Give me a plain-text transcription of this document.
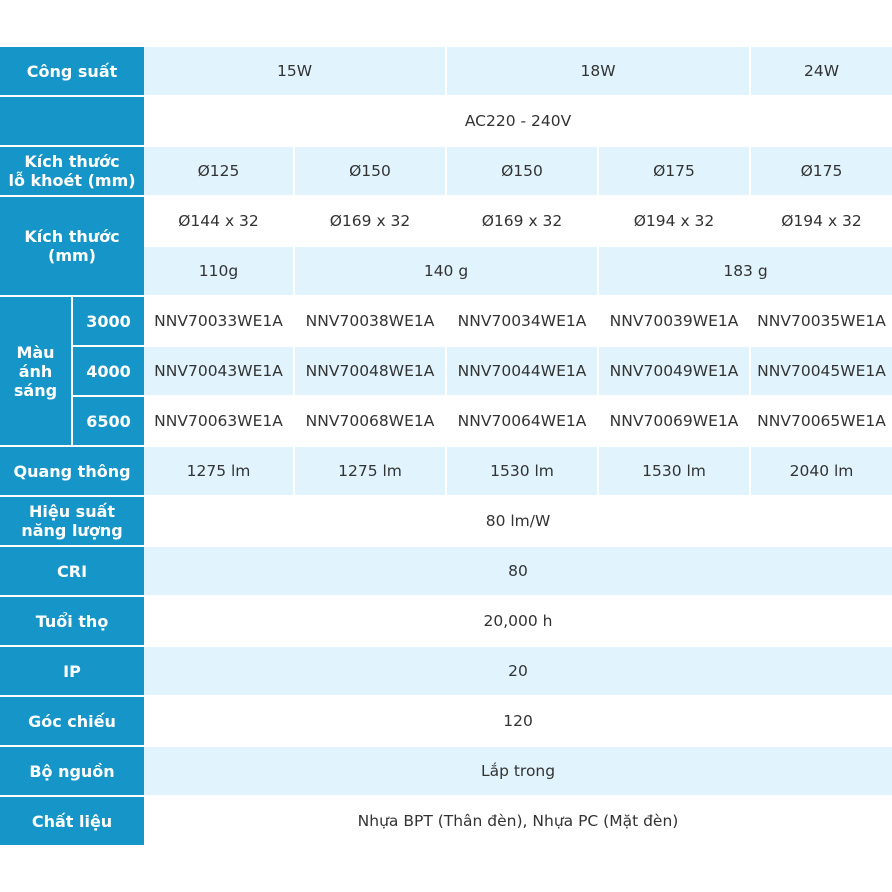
Công suất		15W		18W		24W
		AC220 - 240V				

Kích thước
lỗ khoét (mm)		Ø125	Ø150	Ø150	Ø175	Ø175

Kích thước
(mm)		Ø144 x 32	Ø169 x 32	Ø169 x 32	Ø194 x 32	Ø194 x 32
		110g	140 g		183 g	

Màu
ánh
sáng	3000	NNV70033WE1A	NNV70038WE1A	NNV70034WE1A	NNV70039WE1A	NNV70035WE1A
	4000	NNV70043WE1A	NNV70048WE1A	NNV70044WE1A	NNV70049WE1A	NNV70045WE1A
	6500	NNV70063WE1A	NNV70068WE1A	NNV70064WE1A	NNV70069WE1A	NNV70065WE1A
Quang thông		1275 lm	1275 lm	1530 lm	1530 lm	2040 lm

Hiệu suất
năng lượng		80 lm/W				
CRI		80				
Tuổi thọ		20,000 h				
IP		20				
Góc chiếu		120				
Bộ nguồn		Lắp trong				
Chất liệu		Nhựa BPT (Thân đèn), Nhựa PC (Mặt đèn)				
